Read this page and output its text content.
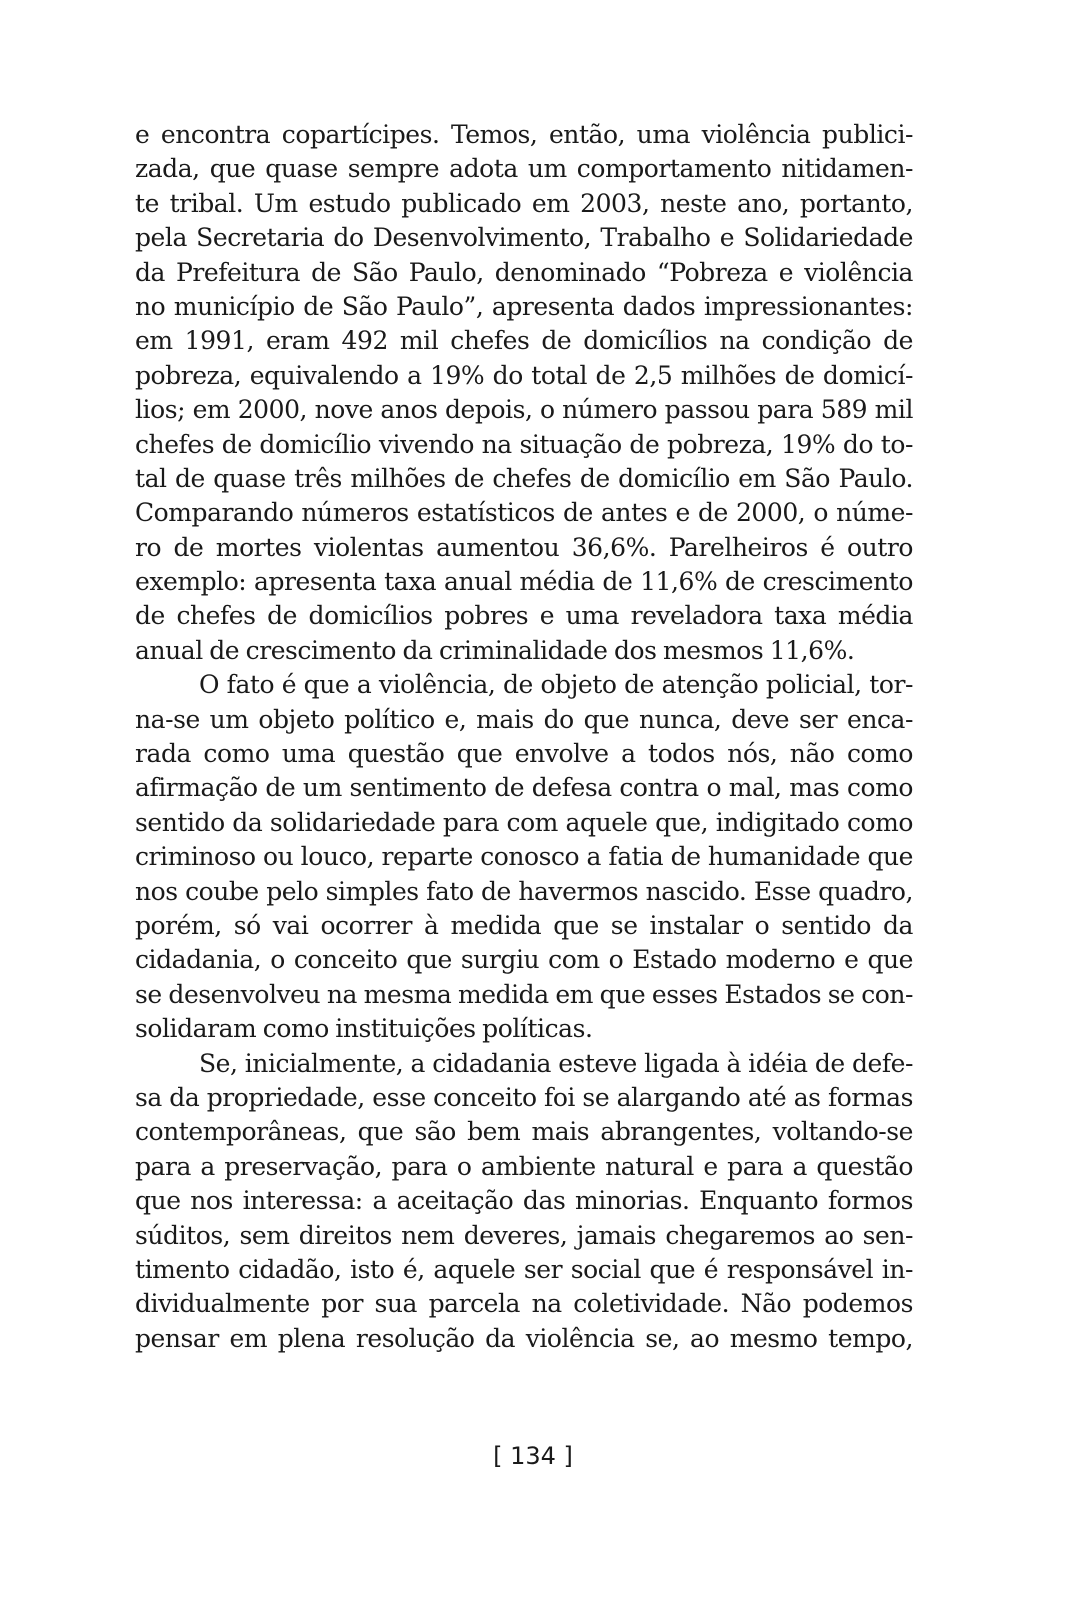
e encontra copartícipes. Temos, então, uma violência publici-
zada, que quase sempre adota um comportamento nitidamen-
te tribal. Um estudo publicado em 2003, neste ano, portanto,
pela Secretaria do Desenvolvimento, Trabalho e Solidariedade
da Prefeitura de São Paulo, denominado “Pobreza e violência
no município de São Paulo”, apresenta dados impressionantes:
em 1991, eram 492 mil chefes de domicílios na condição de
pobreza, equivalendo a 19% do total de 2,5 milhões de domicí-
lios; em 2000, nove anos depois, o número passou para 589 mil
chefes de domicílio vivendo na situação de pobreza, 19% do to-
tal de quase três milhões de chefes de domicílio em São Paulo.
Comparando números estatísticos de antes e de 2000, o núme-
ro de mortes violentas aumentou 36,6%. Parelheiros é outro
exemplo: apresenta taxa anual média de 11,6% de crescimento
de chefes de domicílios pobres e uma reveladora taxa média
anual de crescimento da criminalidade dos mesmos 11,6%.
O fato é que a violência, de objeto de atenção policial, tor-
na-se um objeto político e, mais do que nunca, deve ser enca-
rada como uma questão que envolve a todos nós, não como
afirmação de um sentimento de defesa contra o mal, mas como
sentido da solidariedade para com aquele que, indigitado como
criminoso ou louco, reparte conosco a fatia de humanidade que
nos coube pelo simples fato de havermos nascido. Esse quadro,
porém, só vai ocorrer à medida que se instalar o sentido da
cidadania, o conceito que surgiu com o Estado moderno e que
se desenvolveu na mesma medida em que esses Estados se con-
solidaram como instituições políticas.
Se, inicialmente, a cidadania esteve ligada à idéia de defe-
sa da propriedade, esse conceito foi se alargando até as formas
contemporâneas, que são bem mais abrangentes, voltando-se
para a preservação, para o ambiente natural e para a questão
que nos interessa: a aceitação das minorias. Enquanto formos
súditos, sem direitos nem deveres, jamais chegaremos ao sen-
timento cidadão, isto é, aquele ser social que é responsável in-
dividualmente por sua parcela na coletividade. Não podemos
pensar em plena resolução da violência se, ao mesmo tempo,
[ 134 ]
